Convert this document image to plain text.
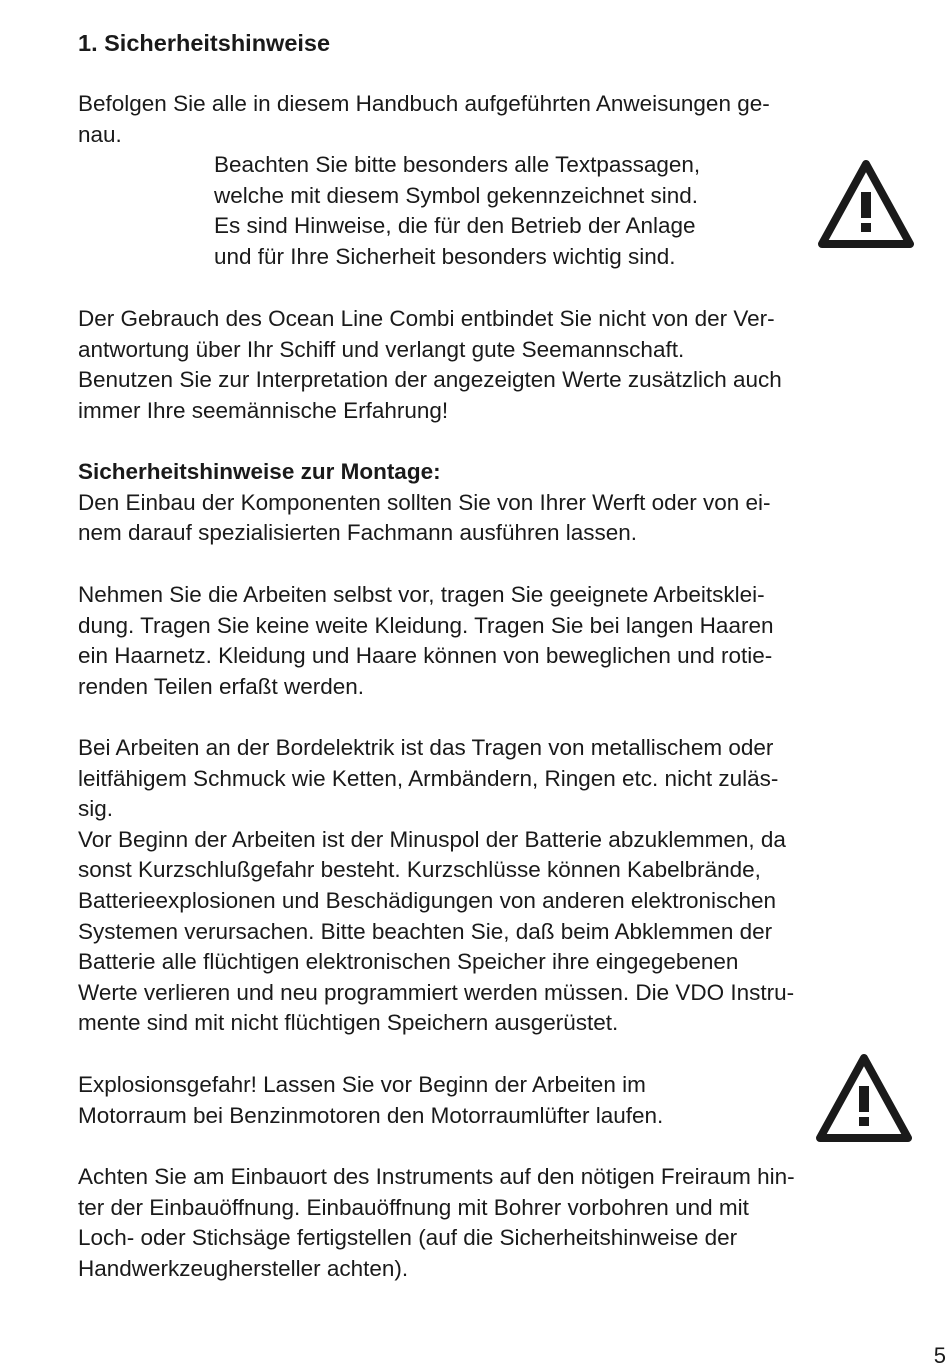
1. Sicherheitshinweise

Befolgen Sie alle in diesem Handbuch aufgeführten Anweisungen ge-

nau.

Beachten Sie bitte besonders alle Textpassagen,

welche mit diesem Symbol gekennzeichnet sind.

Es sind Hinweise, die für den Betrieb der Anlage

und für Ihre Sicherheit besonders wichtig sind.

Der Gebrauch des Ocean Line Combi entbindet Sie nicht von der Ver-

antwortung über Ihr Schiff und verlangt gute Seemannschaft.

Benutzen Sie zur Interpretation der angezeigten Werte zusätzlich auch

immer Ihre seemännische Erfahrung!

Sicherheitshinweise zur Montage:

Den Einbau der Komponenten sollten Sie von Ihrer Werft oder von ei-

nem darauf spezialisierten Fachmann ausführen lassen.

Nehmen Sie die Arbeiten selbst vor, tragen Sie geeignete Arbeitsklei-

dung. Tragen Sie keine weite Kleidung. Tragen Sie bei langen Haaren

ein Haarnetz. Kleidung und Haare können von beweglichen und rotie-

renden Teilen erfaßt werden.

Bei Arbeiten an der Bordelektrik ist das Tragen von metallischem oder

leitfähigem Schmuck wie Ketten, Armbändern, Ringen etc. nicht zuläs-

sig.

Vor Beginn der Arbeiten ist der Minuspol der Batterie abzuklemmen, da

sonst Kurzschlußgefahr besteht. Kurzschlüsse können Kabelbrände,

Batterieexplosionen und Beschädigungen von anderen elektronischen

Systemen verursachen. Bitte beachten Sie, daß beim Abklemmen der

Batterie alle flüchtigen elektronischen Speicher ihre eingegebenen

Werte verlieren und neu programmiert werden müssen. Die VDO Instru-

mente sind mit nicht flüchtigen Speichern ausgerüstet.

Explosionsgefahr! Lassen Sie vor Beginn der Arbeiten im

Motorraum bei Benzinmotoren den Motorraumlüfter laufen.

Achten Sie am Einbauort des Instruments auf den nötigen Freiraum hin-

ter der Einbauöffnung. Einbauöffnung mit Bohrer vorbohren und mit

Loch- oder Stichsäge fertigstellen (auf die Sicherheitshinweise der

Handwerkzeughersteller achten).

5
